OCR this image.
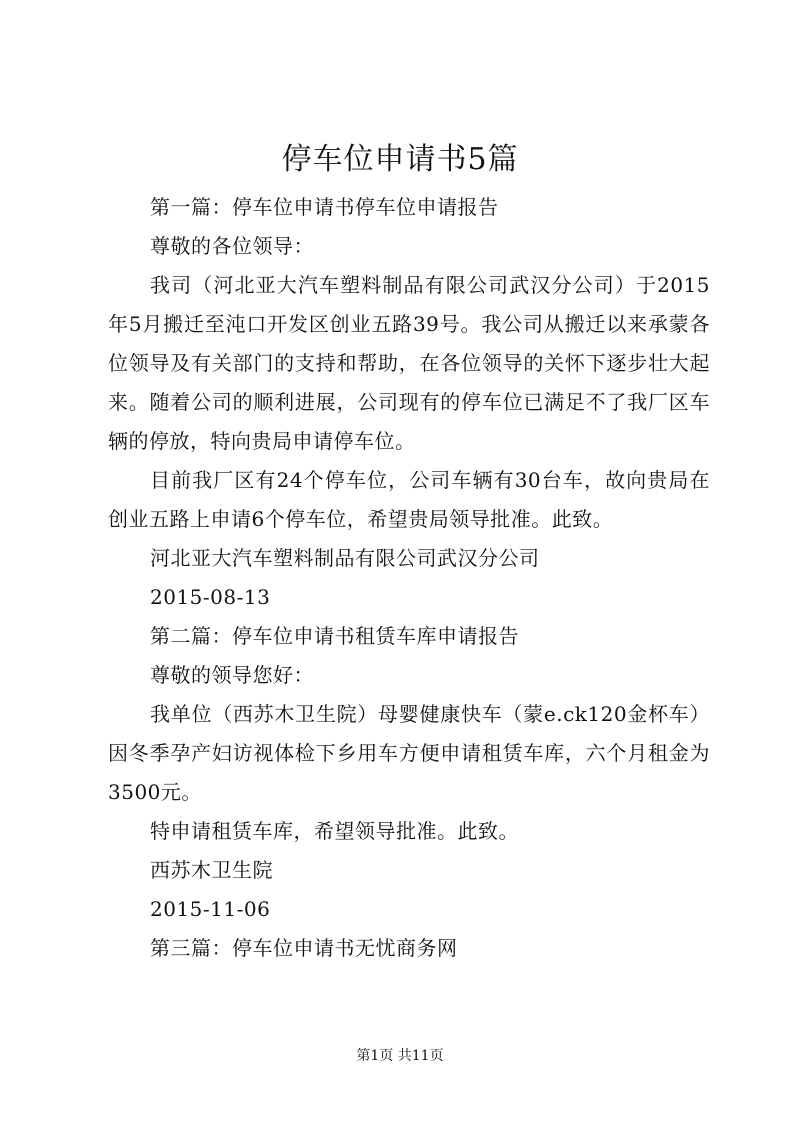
停车位申请书5篇

第一篇：停车位申请书停车位申请报告

尊敬的各位领导：

我司（河北亚大汽车塑料制品有限公司武汉分公司）于2015年5月搬迁至沌口开发区创业五路39号。我公司从搬迁以来承蒙各位领导及有关部门的支持和帮助，在各位领导的关怀下逐步壮大起来。随着公司的顺利进展，公司现有的停车位已满足不了我厂区车辆的停放，特向贵局申请停车位。

目前我厂区有24个停车位，公司车辆有30台车，故向贵局在创业五路上申请6个停车位，希望贵局领导批准。此致。

河北亚大汽车塑料制品有限公司武汉分公司

2015-08-13

第二篇：停车位申请书租赁车库申请报告

尊敬的领导您好：

我单位（西苏木卫生院）母婴健康快车（蒙e.ck120金杯车）因冬季孕产妇访视体检下乡用车方便申请租赁车库，六个月租金为3500元。

特申请租赁车库，希望领导批准。此致。

西苏木卫生院

2015-11-06

第三篇：停车位申请书无忧商务网

第1页 共11页
